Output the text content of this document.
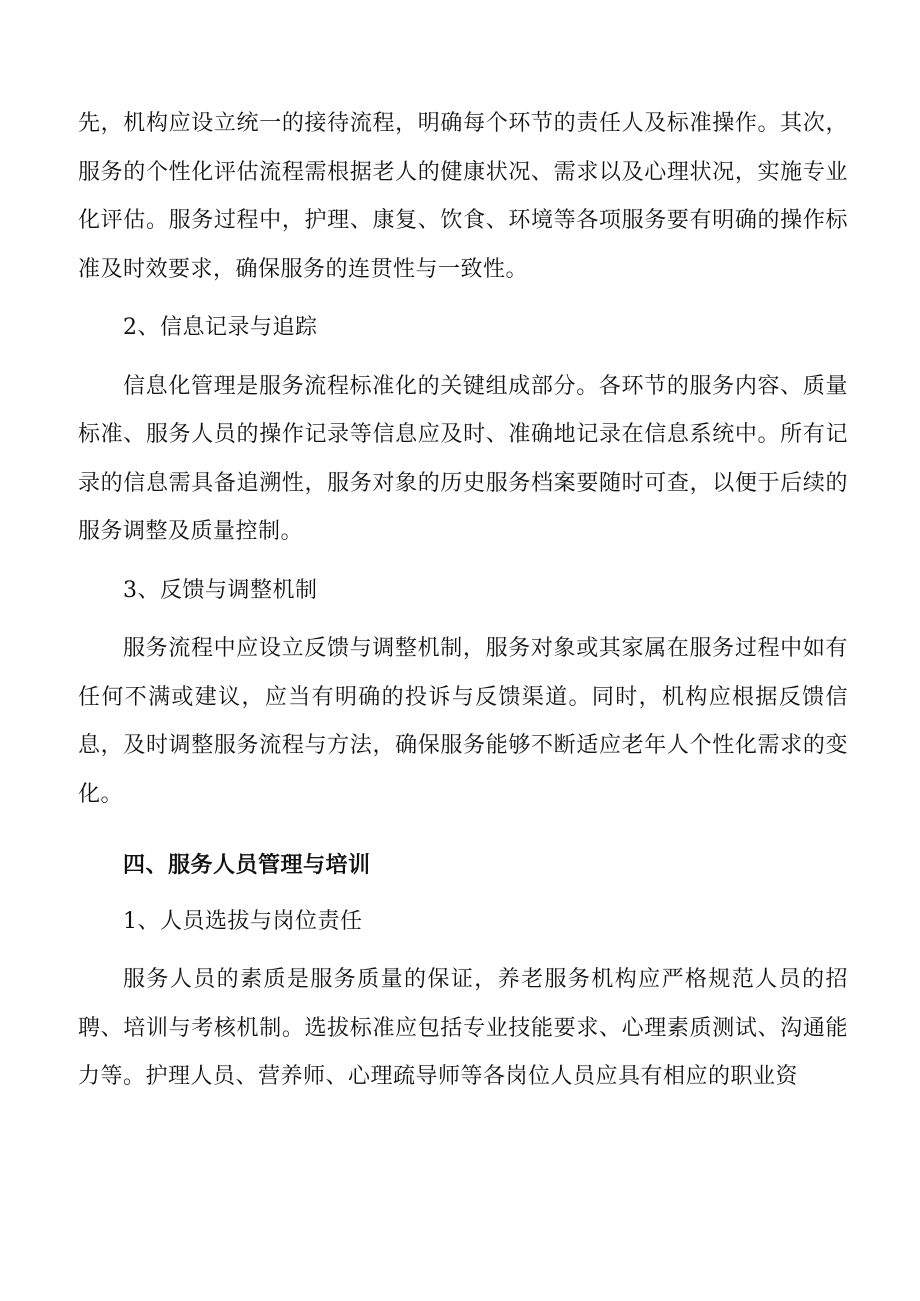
先，机构应设立统一的接待流程，明确每个环节的责任人及标准操作。其次，服务的个性化评估流程需根据老人的健康状况、需求以及心理状况，实施专业化评估。服务过程中，护理、康复、饮食、环境等各项服务要有明确的操作标准及时效要求，确保服务的连贯性与一致性。

2、信息记录与追踪

信息化管理是服务流程标准化的关键组成部分。各环节的服务内容、质量标准、服务人员的操作记录等信息应及时、准确地记录在信息系统中。所有记录的信息需具备追溯性，服务对象的历史服务档案要随时可查，以便于后续的服务调整及质量控制。

3、反馈与调整机制

服务流程中应设立反馈与调整机制，服务对象或其家属在服务过程中如有任何不满或建议，应当有明确的投诉与反馈渠道。同时，机构应根据反馈信息，及时调整服务流程与方法，确保服务能够不断适应老年人个性化需求的变化。

四、服务人员管理与培训

1、人员选拔与岗位责任

服务人员的素质是服务质量的保证，养老服务机构应严格规范人员的招聘、培训与考核机制。选拔标准应包括专业技能要求、心理素质测试、沟通能力等。护理人员、营养师、心理疏导师等各岗位人员应具有相应的职业资
